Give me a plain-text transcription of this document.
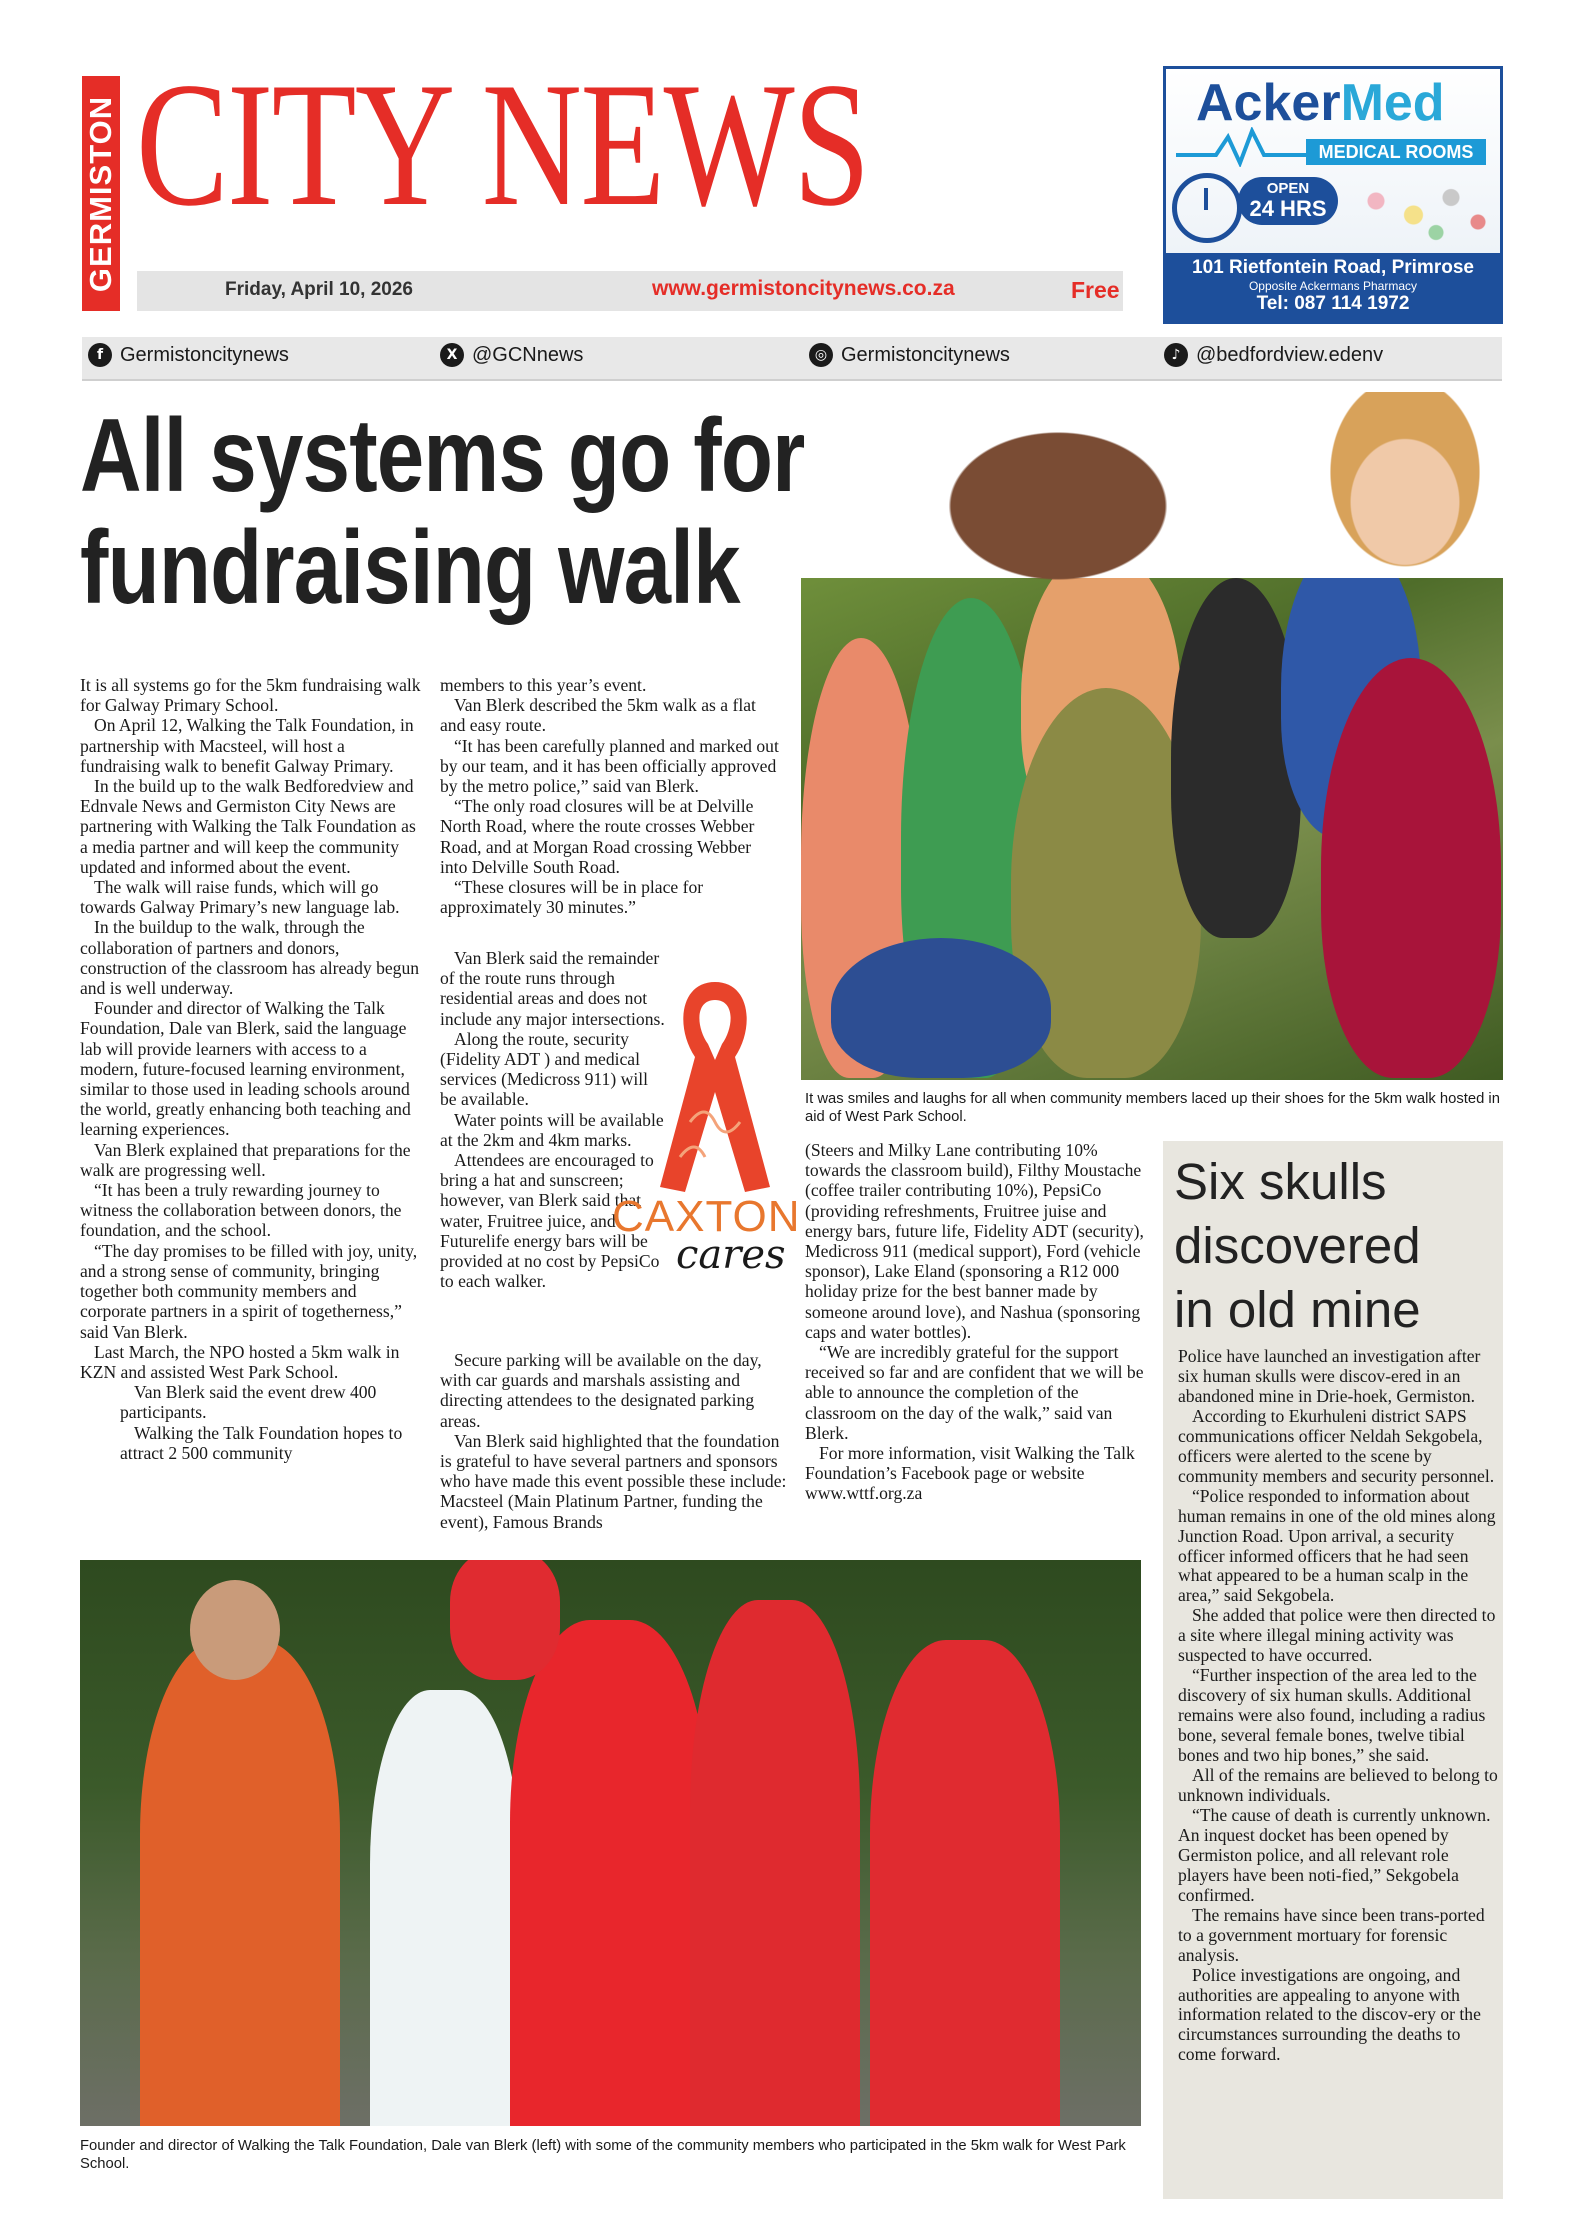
GERMISTON CITY NEWS
Friday, April 10, 2026	www.germistoncitynews.co.za	Free
AckerMed
MEDICAL ROOMS
OPEN
24 HRS
101 Rietfontein Road, Primrose
Opposite Ackermans Pharmacy
Tel: 087 114 1972
f Germistoncitynews	X @GCNnews	◎ Germistoncitynews	♪ @bedfordview.edenv
All systems go for
fundraising walk

It is all systems go for the 5km fundraising walk for Galway Primary School.

On April 12, Walking the Talk Foundation, in partnership with Macsteel, will host a fundraising walk to benefit Galway Primary.

In the build up to the walk Bedforedview and Ednvale News and Germiston City News are partnering with Walking the Talk Foundation as a media partner and will keep the community updated and informed about the event.

The walk will raise funds, which will go towards Galway Primary’s new language lab.

In the buildup to the walk, through the collaboration of partners and donors, construction of the classroom has already begun and is well underway.

Founder and director of Walking the Talk Foundation, Dale van Blerk, said the language lab will provide learners with access to a modern, future-focused learning environment, similar to those used in leading schools around the world, greatly enhancing both teaching and learning experiences.

Van Blerk explained that preparations for the walk are progressing well.

“It has been a truly rewarding journey to witness the collaboration between donors, the foundation, and the school.

“The day promises to be filled with joy, unity, and a strong sense of community, bringing together both community members and corporate partners in a spirit of togetherness,” said Van Blerk.

Last March, the NPO hosted a 5km walk in KZN and assisted West Park School.

Van Blerk said the event drew 400 participants.

Walking the Talk Foundation hopes to attract 2 500 community

members to this year’s event.

Van Blerk described the 5km walk as a flat and easy route.

“It has been carefully planned and marked out by our team, and it has been officially approved by the metro police,” said van Blerk.

“The only road closures will be at Delville North Road, where the route crosses Webber Road, and at Morgan Road crossing Webber into Delville South Road.

“These closures will be in place for approximately 30 minutes.”

Van Blerk said the remainder of the route runs through residential areas and does not include any major intersections.

Along the route, security (Fidelity ADT ) and medical services (Medicross 911) will be available.

Water points will be available at the 2km and 4km marks.

Attendees are encouraged to bring a hat and sunscreen; however, van Blerk said that water, Fruitree juice, and Futurelife energy bars will be provided at no cost by PepsiCo to each walker.

Secure parking will be available on the day, with car guards and marshals assisting and directing attendees to the designated parking areas.

Van Blerk said highlighted that the foundation is grateful to have several partners and sponsors who have made this event possible these include: Macsteel (Main Platinum Partner, funding the event), Famous Brands

It was smiles and laughs for all when community members laced up their shoes for the 5km walk hosted in aid of West Park School.
CAXTON
cares

(Steers and Milky Lane contributing 10% towards the classroom build), Filthy Moustache (coffee trailer contributing 10%), PepsiCo (providing refreshments, Fruitree juise and energy bars, future life, Fidelity ADT (security), Medicross 911 (medical support), Ford (vehicle sponsor), Lake Eland (sponsoring a R12 000 holiday prize for the best banner made by someone around love), and Nashua (sponsoring caps and water bottles).

“We are incredibly grateful for the support received so far and are confident that we will be able to announce the completion of the classroom on the day of the walk,” said van Blerk.

For more information, visit Walking the Talk Foundation’s Facebook page or website www.wttf.org.za

Six skulls
discovered
in old mine

Police have launched an investigation after six human skulls were discov-ered in an abandoned mine in Drie-hoek, Germiston.

According to Ekurhuleni district SAPS communications officer Neldah Sekgobela, officers were alerted to the scene by community members and security personnel.

“Police responded to information about human remains in one of the old mines along Junction Road. Upon arrival, a security officer informed officers that he had seen what appeared to be a human scalp in the area,” said Sekgobela.

She added that police were then directed to a site where illegal mining activity was suspected to have occurred.

“Further inspection of the area led to the discovery of six human skulls. Additional remains were also found, including a radius bone, several female bones, twelve tibial bones and two hip bones,” she said.

All of the remains are believed to belong to unknown individuals.

“The cause of death is currently unknown. An inquest docket has been opened by Germiston police, and all relevant role players have been noti-fied,” Sekgobela confirmed.

The remains have since been trans-ported to a government mortuary for forensic analysis.

Police investigations are ongoing, and authorities are appealing to anyone with information related to the discov-ery or the circumstances surrounding the deaths to come forward.

Founder and director of Walking the Talk Foundation, Dale van Blerk (left) with some of the community members who participated in the 5km walk for West Park School.
